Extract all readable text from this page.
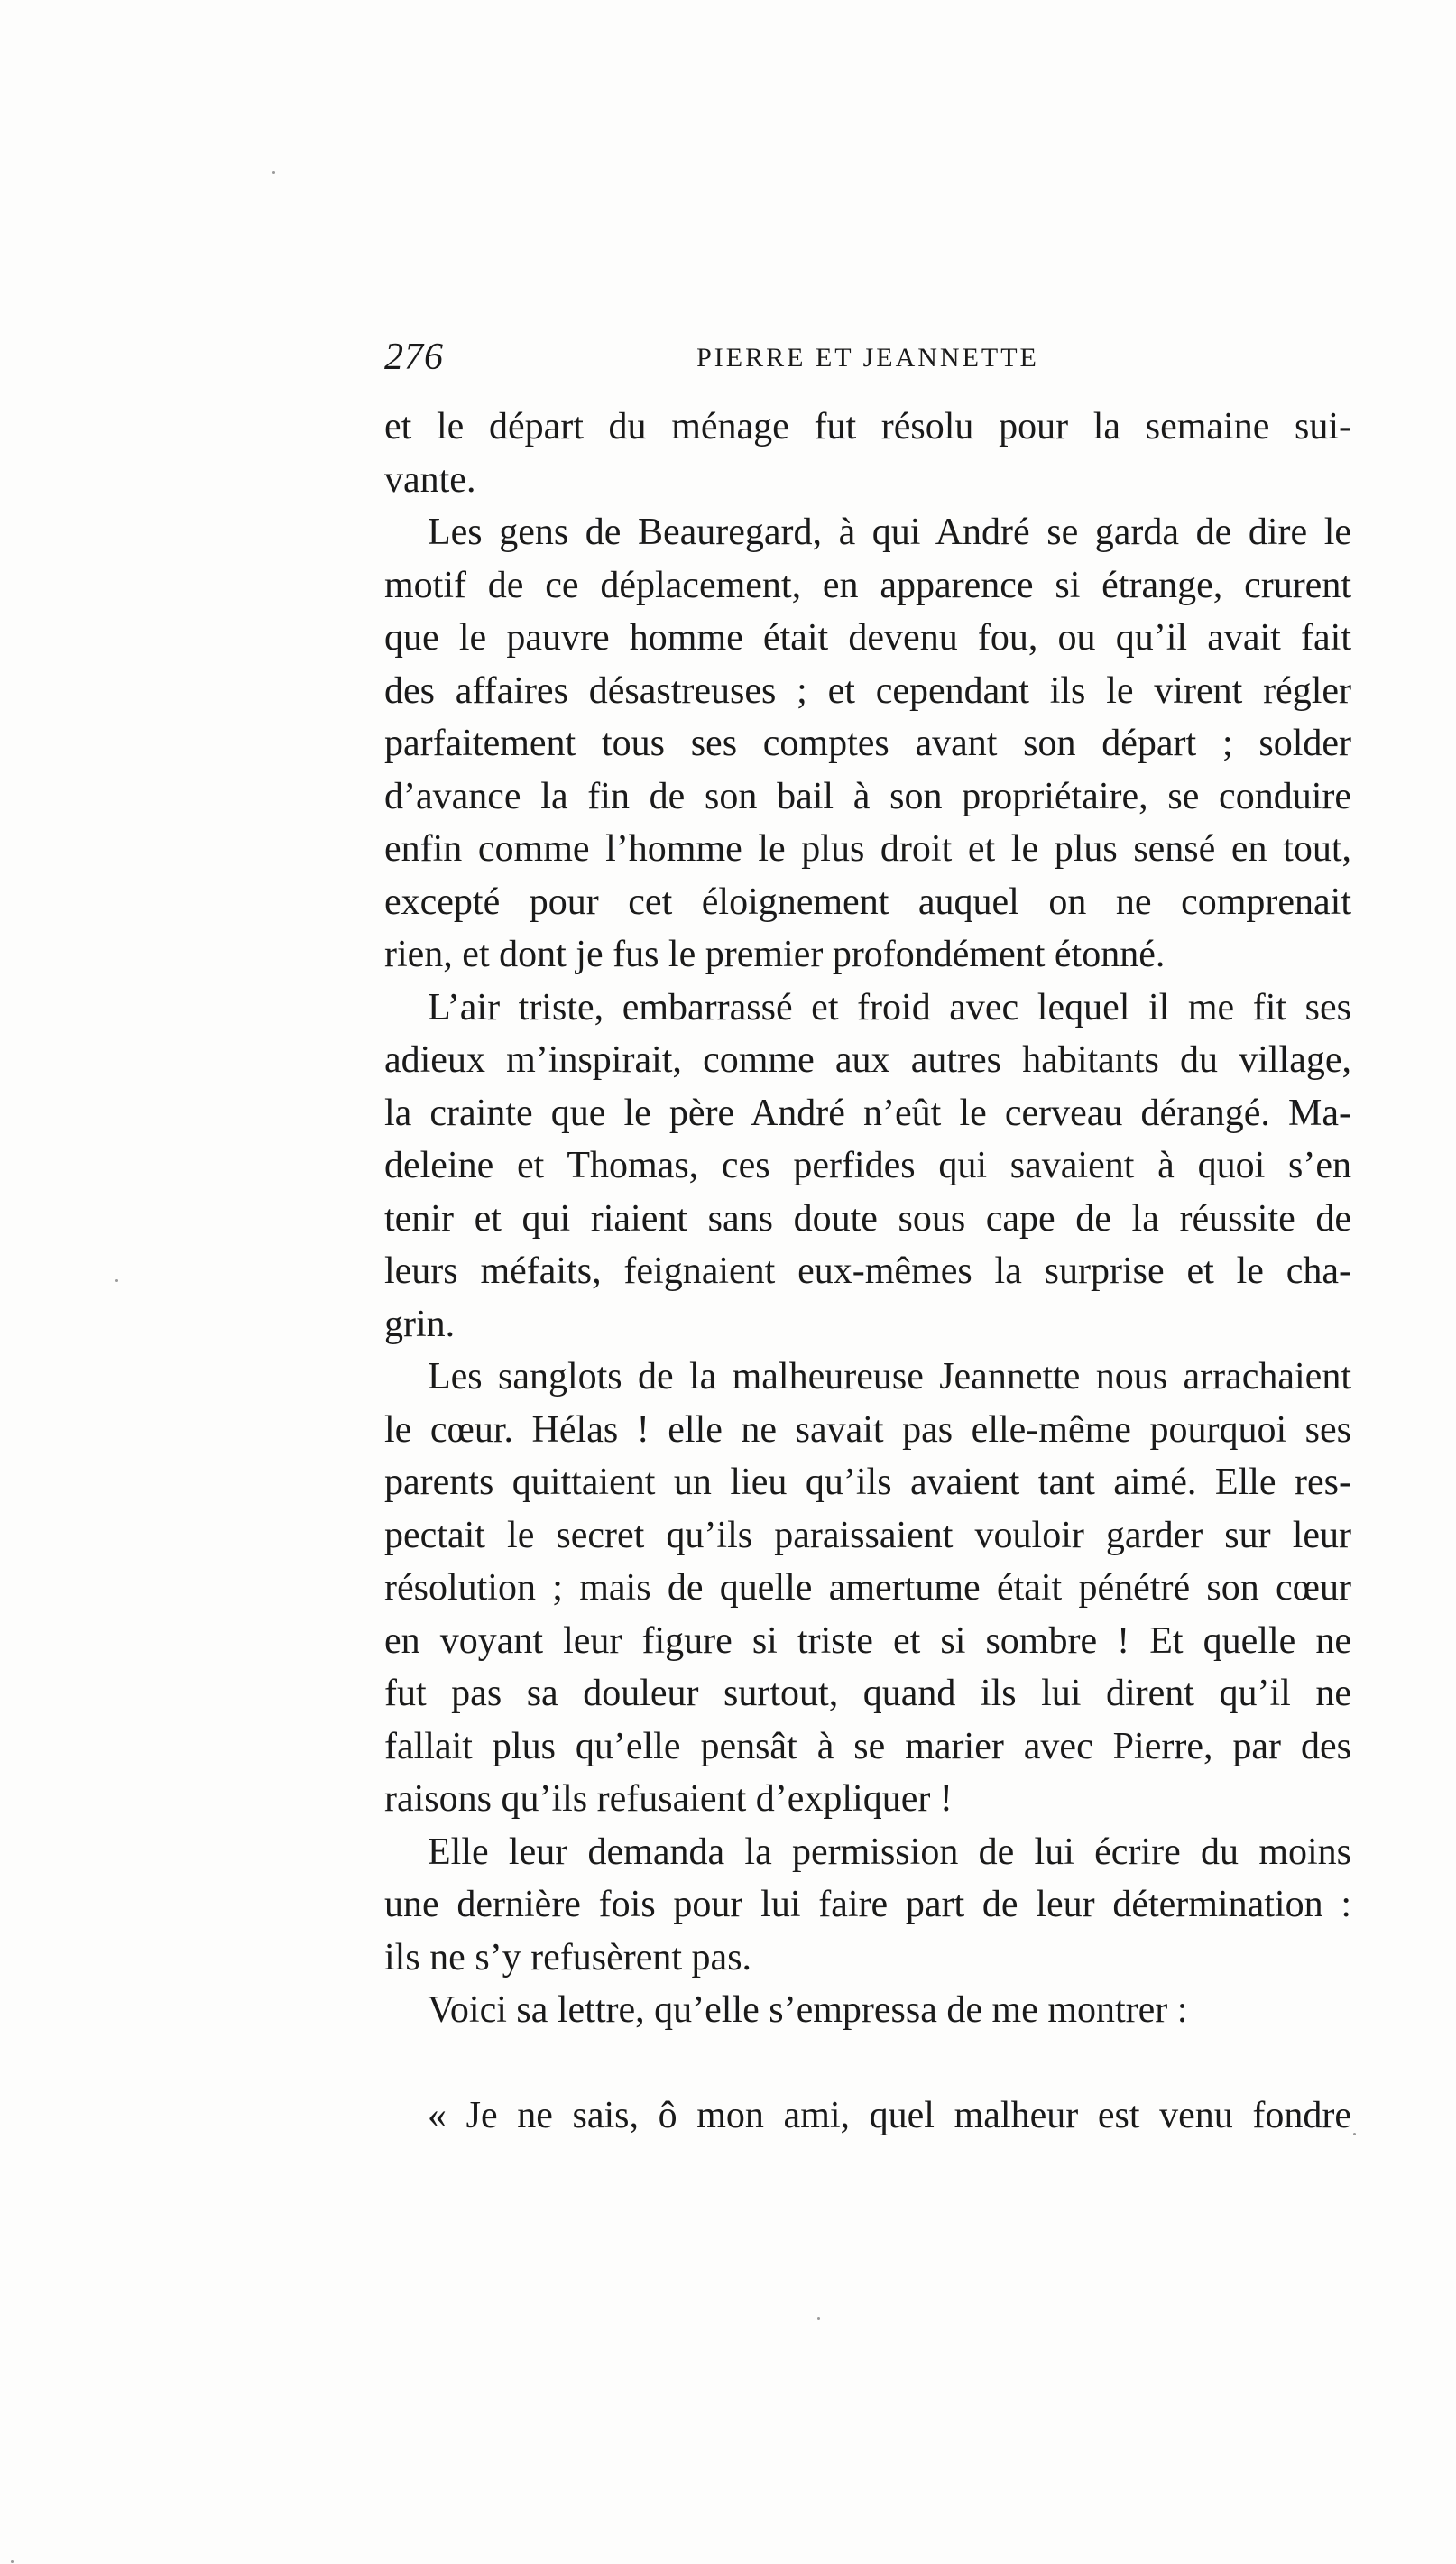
276	PIERRE ET JEANNETTE
et le départ du ménage fut résolu pour la semaine sui-
vante.
Les gens de Beauregard, à qui André se garda de dire le
motif de ce déplacement, en apparence si étrange, crurent
que le pauvre homme était devenu fou, ou qu’il avait fait
des affaires désastreuses ; et cependant ils le virent régler
parfaitement tous ses comptes avant son départ ; solder
d’avance la fin de son bail à son propriétaire, se conduire
enfin comme l’homme le plus droit et le plus sensé en tout,
excepté pour cet éloignement auquel on ne comprenait
rien, et dont je fus le premier profondément étonné.
L’air triste, embarrassé et froid avec lequel il me fit ses
adieux m’inspirait, comme aux autres habitants du village,
la crainte que le père André n’eût le cerveau dérangé. Ma-
deleine et Thomas, ces perfides qui savaient à quoi s’en
tenir et qui riaient sans doute sous cape de la réussite de
leurs méfaits, feignaient eux-mêmes la surprise et le cha-
grin.
Les sanglots de la malheureuse Jeannette nous arrachaient
le cœur. Hélas ! elle ne savait pas elle-même pourquoi ses
parents quittaient un lieu qu’ils avaient tant aimé. Elle res-
pectait le secret qu’ils paraissaient vouloir garder sur leur
résolution ; mais de quelle amertume était pénétré son cœur
en voyant leur figure si triste et si sombre ! Et quelle ne
fut pas sa douleur surtout, quand ils lui dirent qu’il ne
fallait plus qu’elle pensât à se marier avec Pierre, par des
raisons qu’ils refusaient d’expliquer !
Elle leur demanda la permission de lui écrire du moins
une dernière fois pour lui faire part de leur détermination :
ils ne s’y refusèrent pas.
Voici sa lettre, qu’elle s’empressa de me montrer :
« Je ne sais, ô mon ami, quel malheur est venu fondre
